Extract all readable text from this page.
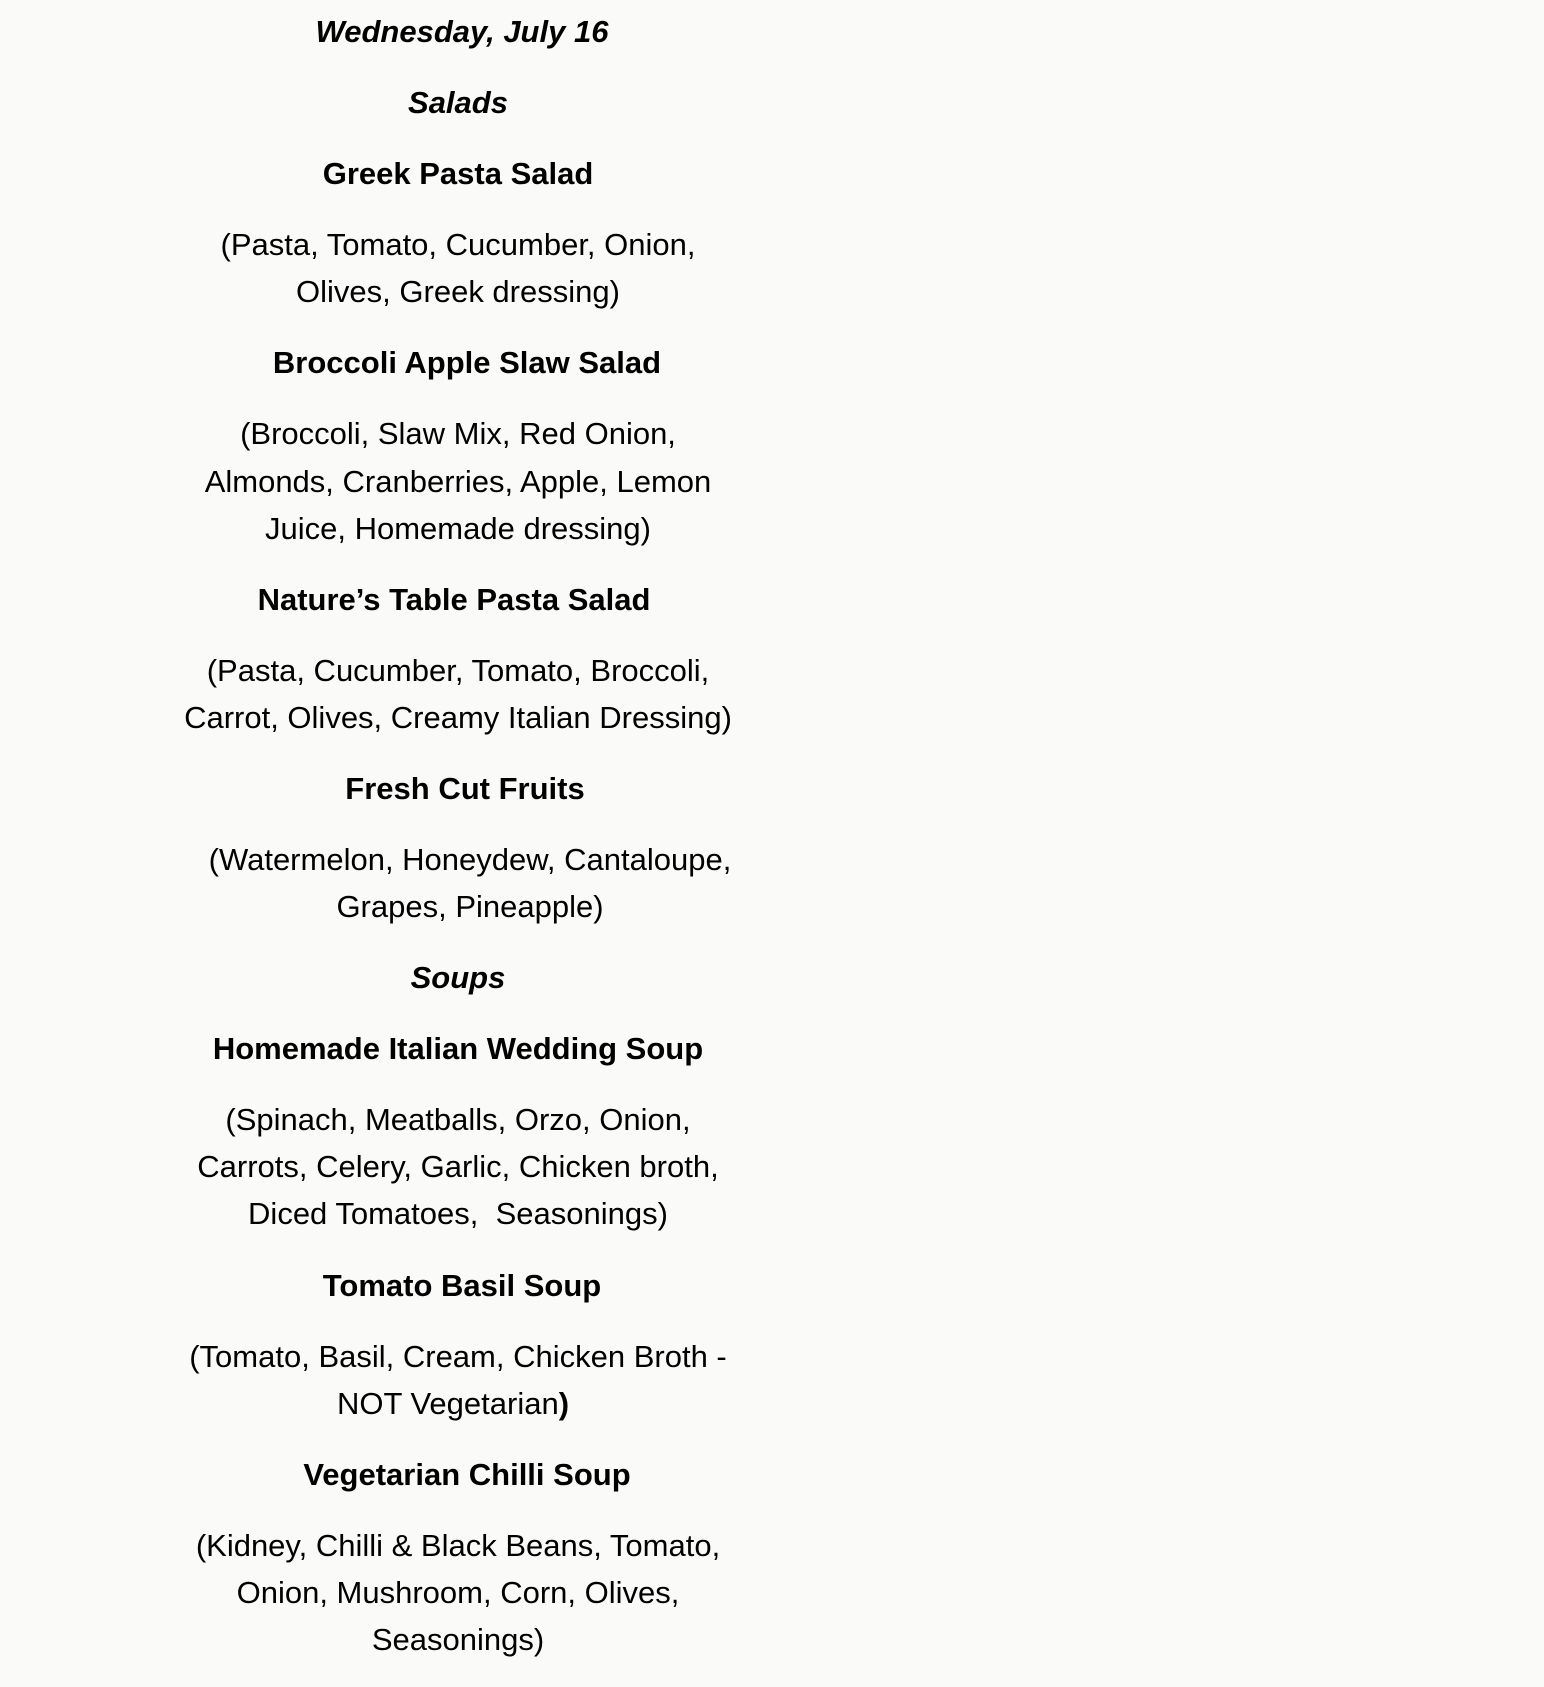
Wednesday, July 16

Salads

Greek Pasta Salad

(Pasta, Tomato, Cucumber, Onion,

Olives, Greek dressing)

Broccoli Apple Slaw Salad

(Broccoli, Slaw Mix, Red Onion,

Almonds, Cranberries, Apple, Lemon

Juice, Homemade dressing)

Nature’s Table Pasta Salad

(Pasta, Cucumber, Tomato, Broccoli,

Carrot, Olives, Creamy Italian Dressing)

Fresh Cut Fruits

(Watermelon, Honeydew, Cantaloupe,

Grapes, Pineapple)

Soups

Homemade Italian Wedding Soup

(Spinach, Meatballs, Orzo, Onion,

Carrots, Celery, Garlic, Chicken broth,

Diced Tomatoes,  Seasonings)

Tomato Basil Soup

(Tomato, Basil, Cream, Chicken Broth -

NOT Vegetarian)

Vegetarian Chilli Soup

(Kidney, Chilli & Black Beans, Tomato,

Onion, Mushroom, Corn, Olives,

Seasonings)
